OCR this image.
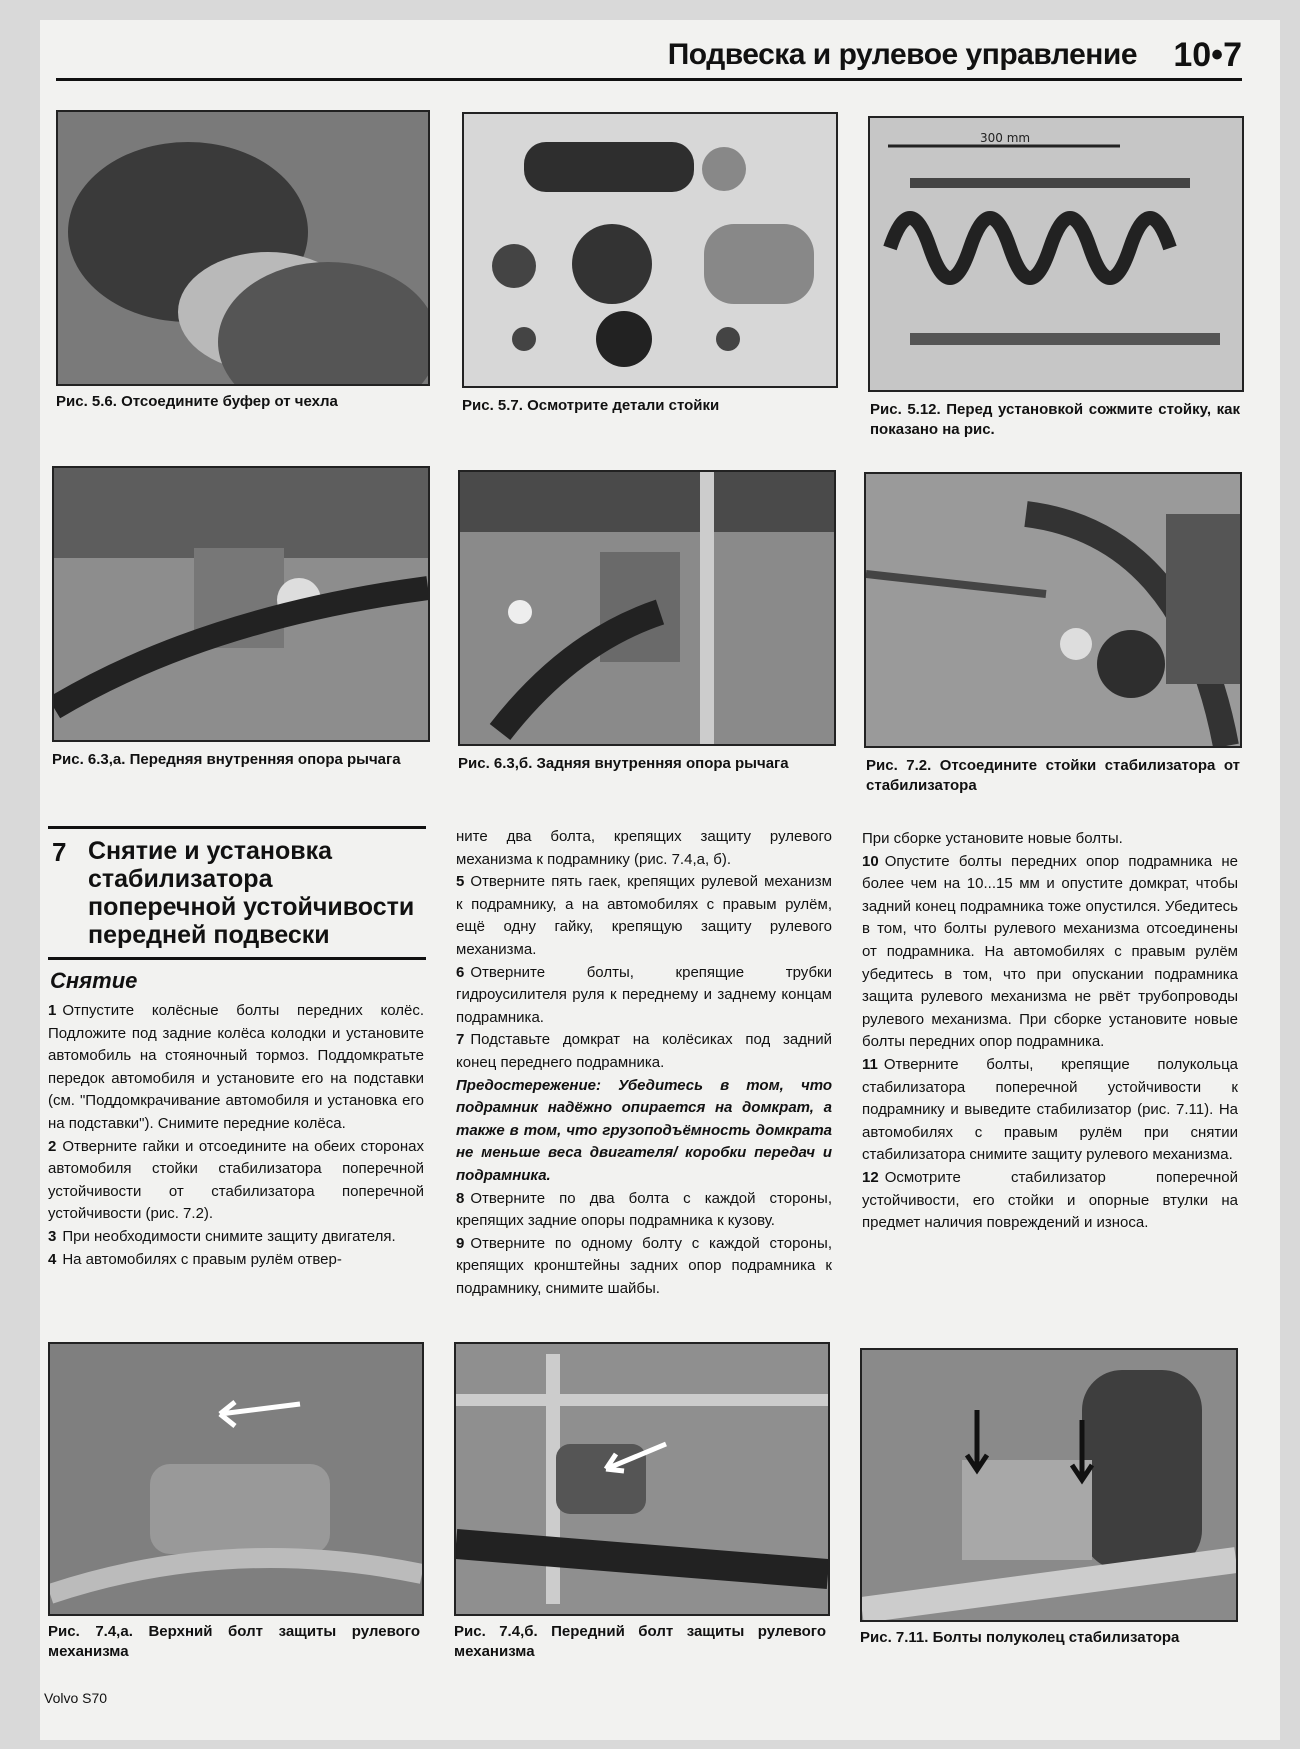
Подвеска и рулевое управление 10•7
300 mm
Рис. 5.6. Отсоедините буфер от чехла	Рис. 5.7. Осмотрите детали стойки	Рис. 5.12. Перед установкой сожмите стойку, как показано на рис.
Рис. 6.3,а. Передняя внутренняя опора рычага	Рис. 6.3,б. Задняя внутренняя опора рычага	Рис. 7.2. Отсоедините стойки стабилизатора от стабилизатора
7 Снятие и установка стабилизатора поперечной устойчивости передней подвески
Снятие

1 Отпустите колёсные болты передних колёс. Подложите под задние колёса колодки и установите автомобиль на стояночный тормоз. Поддомкратьте передок автомобиля и установите его на подставки (см. "Поддомкрачивание автомобиля и установка его на подставки"). Снимите передние колёса.

2 Отверните гайки и отсоедините на обеих сторонах автомобиля стойки стабилизатора поперечной устойчивости от стабилизатора поперечной устойчивости (рис. 7.2).

3 При необходимости снимите защиту двигателя.

4 На автомобилях с правым рулём отвер-

ните два болта, крепящих защиту рулевого механизма к подрамнику (рис. 7.4,а, б).

5 Отверните пять гаек, крепящих рулевой механизм к подрамнику, а на автомобилях с правым рулём, ещё одну гайку, крепящую защиту рулевого механизма.

6 Отверните болты, крепящие трубки гидроусилителя руля к переднему и заднему концам подрамника.

7 Подставьте домкрат на колёсиках под задний конец переднего подрамника.

Предостережение: Убедитесь в том, что подрамник надёжно опирается на домкрат, а также в том, что грузоподъёмность домкрата не меньше веса двигателя/ коробки передач и подрамника.

8 Отверните по два болта с каждой стороны, крепящих задние опоры подрамника к кузову.

9 Отверните по одному болту с каждой стороны, крепящих кронштейны задних опор подрамника к подрамнику, снимите шайбы.

При сборке установите новые болты.

10 Опустите болты передних опор подрамника не более чем на 10...15 мм и опустите домкрат, чтобы задний конец подрамника тоже опустился. Убедитесь в том, что болты рулевого механизма отсоединены от подрамника. На автомобилях с правым рулём убедитесь в том, что при опускании подрамника защита рулевого механизма не рвёт трубопроводы рулевого механизма. При сборке установите новые болты передних опор подрамника.

11 Отверните болты, крепящие полукольца стабилизатора поперечной устойчивости к подрамнику и выведите стабилизатор (рис. 7.11). На автомобилях с правым рулём при снятии стабилизатора снимите защиту рулевого механизма.

12 Осмотрите стабилизатор поперечной устойчивости, его стойки и опорные втулки на предмет наличия повреждений и износа.

Рис. 7.4,а. Верхний болт защиты рулевого механизма
Рис. 7.4,б. Передний болт защиты рулевого механизма
Рис. 7.11. Болты полуколец стабилизатора
Volvo S70
